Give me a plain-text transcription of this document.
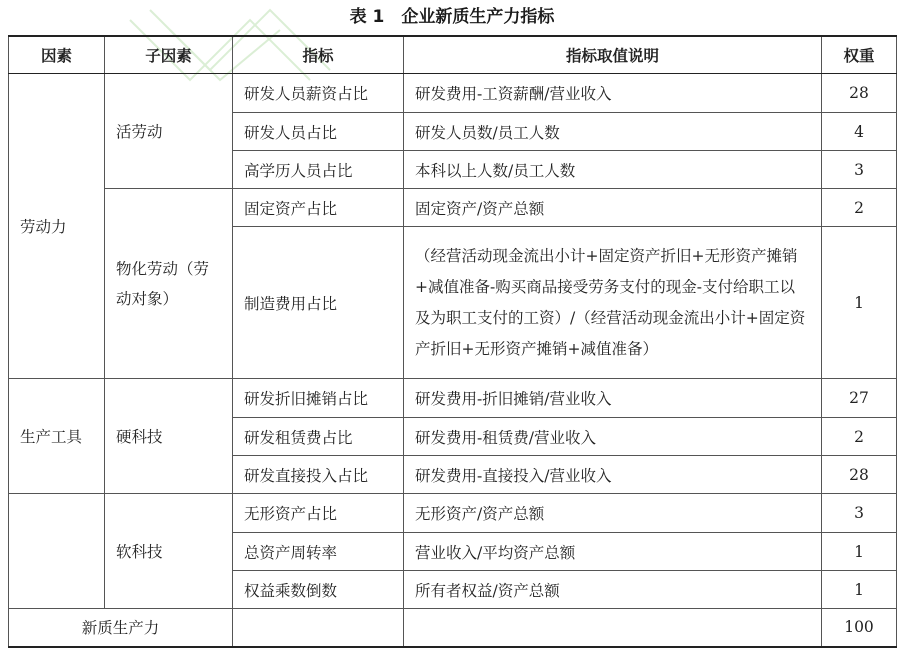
表 1　企业新质生产力指标
因素	子因素	指标	指标取值说明	权重
劳动力	活劳动	研发人员薪资占比	研发费用-工资薪酬/营业收入	28
		研发人员占比	研发人员数/员工人数	4
		高学历人员占比	本科以上人数/员工人数	3
	物化劳动（劳动对象）	固定资产占比	固定资产/资产总额	2
		制造费用占比	（经营活动现金流出小计+固定资产折旧+无形资产摊销+减值准备-购买商品接受劳务支付的现金-支付给职工以及为职工支付的工资）/（经营活动现金流出小计+固定资产折旧+无形资产摊销+减值准备）	1
生产工具	硬科技	研发折旧摊销占比	研发费用-折旧摊销/营业收入	27
		研发租赁费占比	研发费用-租赁费/营业收入	2
		研发直接投入占比	研发费用-直接投入/营业收入	28
	软科技	无形资产占比	无形资产/资产总额	3
		总资产周转率	营业收入/平均资产总额	1
		权益乘数倒数	所有者权益/资产总额	1
新质生产力				100
